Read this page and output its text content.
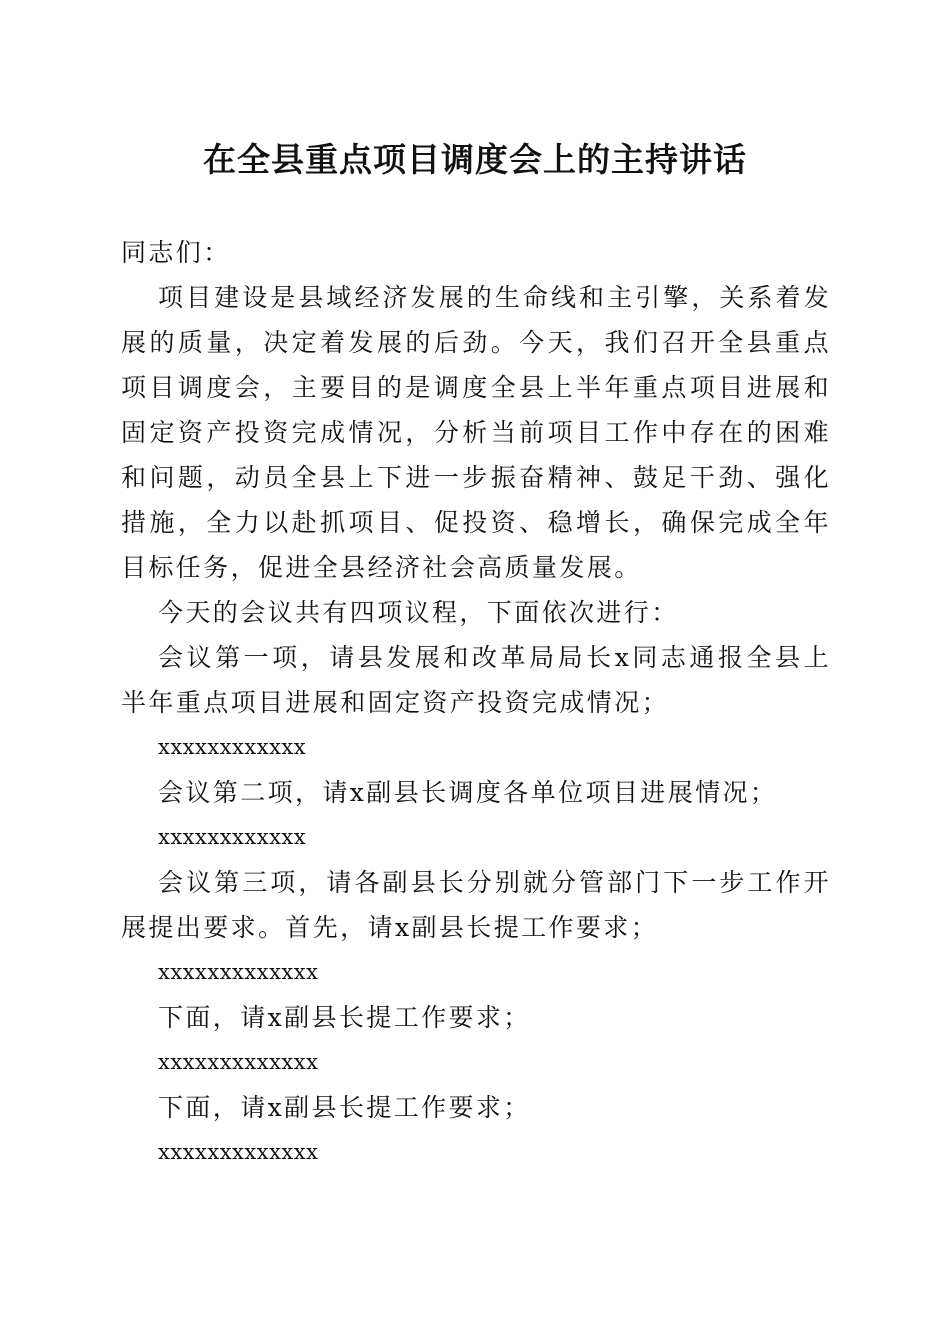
在全县重点项目调度会上的主持讲话

同志们：

项目建设是县域经济发展的生命线和主引擎，关系着发展的质量，决定着发展的后劲。今天，我们召开全县重点项目调度会，主要目的是调度全县上半年重点项目进展和固定资产投资完成情况，分析当前项目工作中存在的困难和问题，动员全县上下进一步振奋精神、鼓足干劲、强化措施，全力以赴抓项目、促投资、稳增长，确保完成全年目标任务，促进全县经济社会高质量发展。

今天的会议共有四项议程，下面依次进行：

会议第一项，请县发展和改革局局长x同志通报全县上半年重点项目进展和固定资产投资完成情况；

xxxxxxxxxxxx

会议第二项，请x副县长调度各单位项目进展情况；

xxxxxxxxxxxx

会议第三项，请各副县长分别就分管部门下一步工作开展提出要求。首先，请x副县长提工作要求；

xxxxxxxxxxxxx

下面，请x副县长提工作要求；

xxxxxxxxxxxxx

下面，请x副县长提工作要求；

xxxxxxxxxxxxx
